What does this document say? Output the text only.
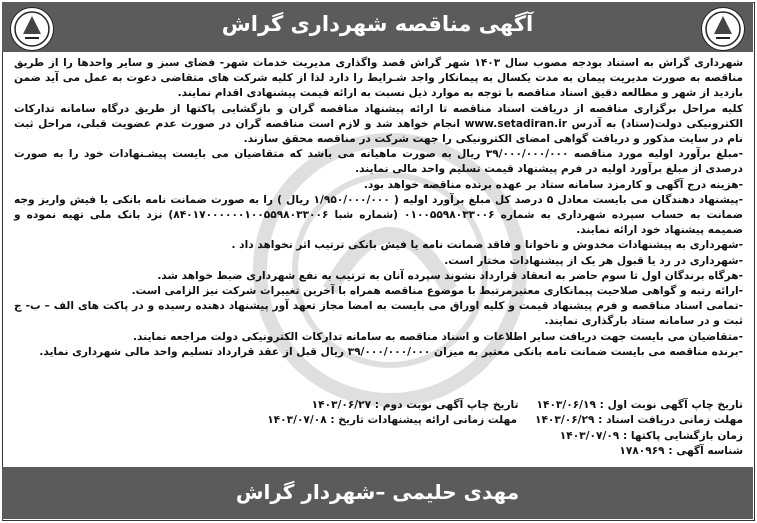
آگهی مناقصه شهرداری گراش

شهرداری گراش به استناد بودجه مصوب سال ۱۴۰۳ شهر گراش قصد واگذاری مدیریت خدمات شهر- فضای سبز و سایر واحدها را از طریق مناقصه به صورت مدیریت پیمان به مدت یکسال به پیمانکار واجد شـرایط را دارد لذا از کلیه شرکت های متقاضی دعوت به عمل می آید ضمن بازدید از شهر و مطالعه دقیق اسناد مناقصه با توجه به موارد ذیل نسبت به ارائه قیمت پیشنهادی اقدام نمایند.

کلیه مراحل برگزاری مناقصه از دریافت اسناد مناقصه تا ارائه پیشنهاد مناقصه گران و بازگشایی پاکتها از طریق درگاه سامانه تدارکات الکترونیکی دولت(ستاد) به آدرس www.setadiran.ir انجام خواهد شد و لازم است مناقصه گران در صورت عدم عضویت قبلی، مراحل ثبت نام در سایت مذکور و دریافت گواهی امضای الکترونیکی را جهت شرکت در مناقصه محقق سازند.

-مبلغ برآورد اولیه مورد مناقصه ۳۹/۰۰۰/۰۰۰/۰۰۰ ریال به صورت ماهیانه می باشد که متقاضیان می بایست پیشـنهادات خود را به صورت درصدی از مبلغ برآورد اولیه در فرم پیشنهاد قیمت تسلیم واحد مالی نمایند.

-هزینه درج آگهی و کارمزد سامانه ستاد بر عهده برنده مناقصه خواهد بود.

-پیشنهاد دهندگان می بایست معادل ۵ درصد کل مبلغ برآورد اولیه ( ۱/۹۵۰/۰۰۰/۰۰۰ ریال ) را به صورت ضمانت نامه بانکی یا فیش واریز وجه ضمانت به حساب سپرده شهرداری به شماره ۰۱۰۰۵۵۹۸۰۳۳۰۰۶ (شماره شبا ۸۴۰۱۷۰۰۰۰۰۰۱۰۰۵۵۹۸۰۳۳۰۰۶) نزد بانک ملی تهیه نموده و ضمیمه پیشنهاد خود ارائه نمایند.

-شهرداری به پیشنهادات مخدوش و ناخوانا و فاقد ضمانت نامه یا فیش بانکی ترتیب اثر نخواهد داد .

-شهرداری در رد یا قبول هر یک از پیشنهادات مختار است.

-هرگاه برندگان اول تا سوم حاضر به انعقاد قرارداد نشوند سپرده آنان به ترتیب به نفع شهرداری ضبط خواهد شد.

-ارائه رتبه و گواهی صلاحیت پیمانکاری معتبرمرتبط با موضوع مناقصه همراه با آخرین تغییرات شرکت نیز الزامی است.

-تمامی اسناد مناقصه و فرم پیشنهاد قیمت و کلیه اوراق می بایست به امضا مجاز تعهد آور پیشنهاد دهنده رسیده و در پاکت های الف – ب- ج ثبت و در سامانه ستاد بارگذاری نمایند.

-متقاضیان می بایست جهت دریافت سایر اطلاعات و اسناد مناقصه به سامانه تدارکات الکترونیکی دولت مراجعه نمایند.

-برنده مناقصه می بایست ضمانت نامه بانکی معتبر به میزان ۳۹/۰۰۰/۰۰۰/۰۰۰ ریال قبل از عقد قرارداد تسلیم واحد مالی شهرداری نماید.

تاریخ چاپ آگهی نوبت اول : ۱۴۰۳/۰۶/۱۹
تاریخ چاپ آگهی نوبت دوم : ۱۴۰۳/۰۶/۲۷
مهلت زمانی دریافت اسناد : ۱۴۰۳/۰۶/۲۹
مهلت زمانی ارائه پیشنهادات تاریخ : ۱۴۰۳/۰۷/۰۸
زمان بازگشایی پاکتها : ۱۴۰۳/۰۷/۰۹
شناسه آگهی : ۱۷۸۰۹۶۹
مهدی حلیمی –شهردار گراش
